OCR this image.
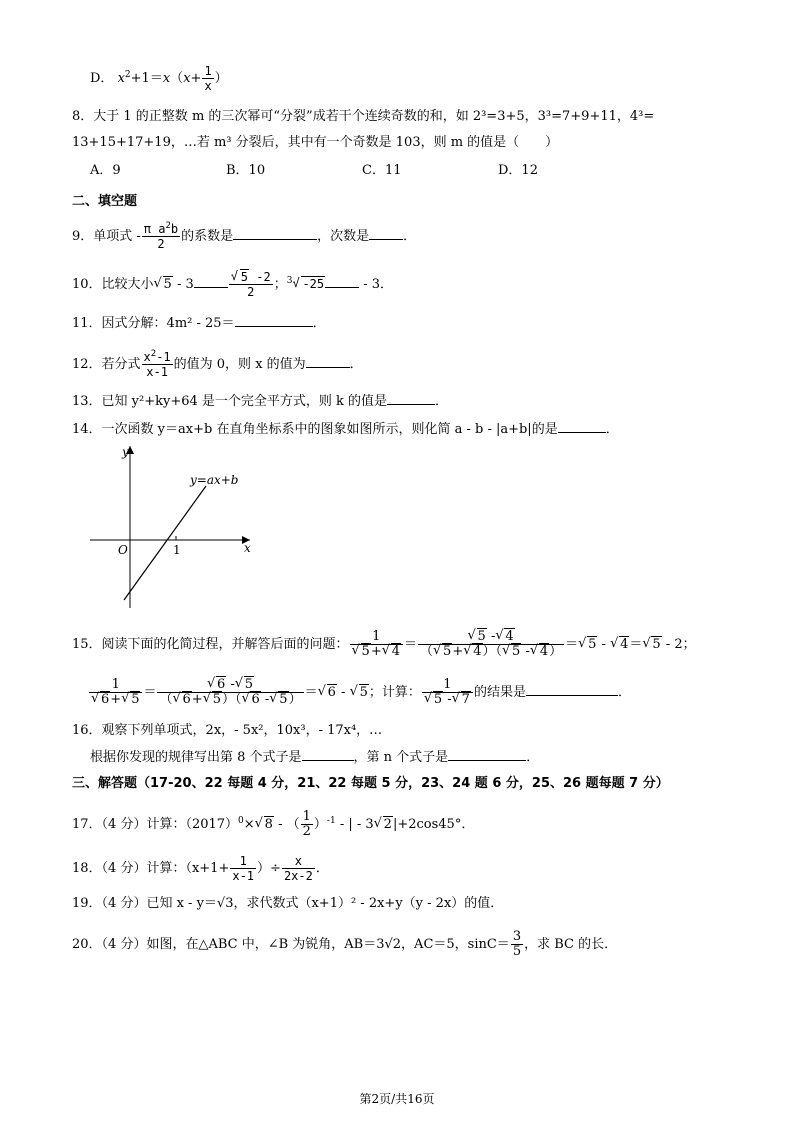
D． $x^2+1=x(x+ \frac{1}{x}$ ）
8．大于 1 的正整数 m 的三次幂可“分裂”成若干个连续奇数的和，如 2³=3+5，3³=7+9+11，4³=
13+15+17+19，…若 m³ 分裂后，其中有一个奇数是 103，则 m 的值是（　　）
A．9	B．10	C．11	D．12
二、填空题
9．单项式 - $\frac{\pi a^2b}{2}$ 的系数是	，次数是	．
10．比较大小√ 5 - 3
√	$\frac{5 -2}{2}$ ；$^3$√ -25	- 3．
11．因式分解：4m² - 25＝	．
12．若分式 $\frac{x^2-1}{x-1}$ 的值为 0，则 x 的值为	．
13．已知 y²+ky+64 是一个完全平方式，则 k 的值是	．
14．一次函数 y＝ax+b 在直角坐标系中的图象如图所示，则化简 a - b - |a+b|的是	．
y=ax+b
O	1	x
y
15．阅读下面的化简过程，并解答后面的问题： 1
√ 5+√ 4 ＝
√ $\frac{5 -√ 4}{(√ 5+√ 4)(√ 5 -√ 4)}$ ＝√ 5 - √ 4＝√ 5 - 2；
1
√ 6+√ 5 ＝
√ $\frac{6 -√ 5}{(√ 6+√ 5)(√ 6 -√ 5)}$ ＝√ 6 - √ 5；计算： 1
√ 5 -√ 7 的结果是	．
16．观察下列单项式，2x，- 5x²，10x³，- 17x⁴，…
根据你发现的规律写出第 8 个式子是	，第 n 个式子是	．
三、解答题（17-20、22 每题 4 分，21、22 每题 5 分，23、24 题 6 分，25、26 题每题 7 分）
17．（4 分）计算：$(2017)^0\times√$ 8 - （ $\frac{1}{2} )^{-1}$ - | - 3√ 2|+2cos45°．
18．（4 分）计算：（$x+1+ \frac{1}{x-1}$ ）÷ $\frac{x}{2x-2}$ ．
19．（4 分）已知 x - y＝√3，求代数式（x+1）² - 2x+y（y - 2x）的值．
20．（4 分）如图，在△ABC 中，∠B 为锐角，AB＝3√2，AC＝5，$\sin C= \frac{3}{5}$ ，求 BC 的长．
第2页/共16页
